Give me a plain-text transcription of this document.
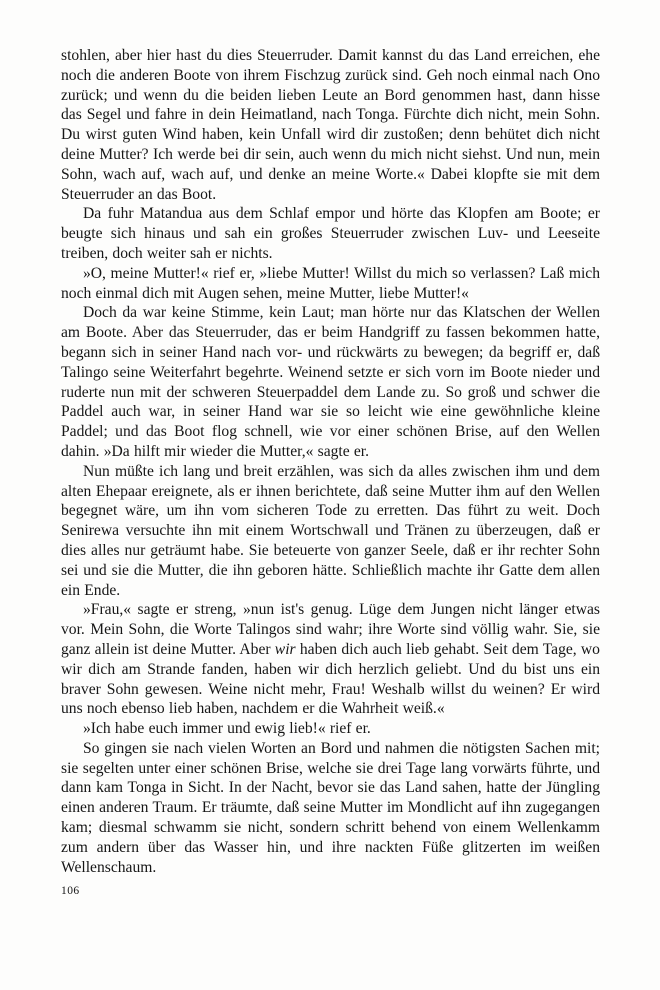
stohlen, aber hier hast du dies Steuerruder. Damit kannst du das Land erreichen, ehe noch die anderen Boote von ihrem Fischzug zurück sind. Geh noch einmal nach Ono zurück; und wenn du die beiden lieben Leute an Bord genommen hast, dann hisse das Segel und fahre in dein Heimatland, nach Tonga. Fürchte dich nicht, mein Sohn. Du wirst guten Wind haben, kein Unfall wird dir zustoßen; denn behütet dich nicht deine Mutter? Ich werde bei dir sein, auch wenn du mich nicht siehst. Und nun, mein Sohn, wach auf, wach auf, und denke an meine Worte.« Dabei klopfte sie mit dem Steuerruder an das Boot.

Da fuhr Matandua aus dem Schlaf empor und hörte das Klopfen am Boote; er beugte sich hinaus und sah ein großes Steuerruder zwischen Luv- und Leeseite treiben, doch weiter sah er nichts.

»O, meine Mutter!« rief er, »liebe Mutter! Willst du mich so verlassen? Laß mich noch einmal dich mit Augen sehen, meine Mutter, liebe Mutter!«

Doch da war keine Stimme, kein Laut; man hörte nur das Klatschen der Wellen am Boote. Aber das Steuerruder, das er beim Handgriff zu fassen bekommen hatte, begann sich in seiner Hand nach vor- und rückwärts zu bewegen; da begriff er, daß Talingo seine Weiterfahrt begehrte. Weinend setzte er sich vorn im Boote nieder und ruderte nun mit der schweren Steuerpaddel dem Lande zu. So groß und schwer die Paddel auch war, in seiner Hand war sie so leicht wie eine gewöhnliche kleine Paddel; und das Boot flog schnell, wie vor einer schönen Brise, auf den Wellen dahin. »Da hilft mir wieder die Mutter,« sagte er.

Nun müßte ich lang und breit erzählen, was sich da alles zwischen ihm und dem alten Ehepaar ereignete, als er ihnen berichtete, daß seine Mutter ihm auf den Wellen begegnet wäre, um ihn vom sicheren Tode zu erretten. Das führt zu weit. Doch Senirewa versuchte ihn mit einem Wortschwall und Tränen zu überzeugen, daß er dies alles nur geträumt habe. Sie beteuerte von ganzer Seele, daß er ihr rechter Sohn sei und sie die Mutter, die ihn geboren hätte. Schließlich machte ihr Gatte dem allen ein Ende.

»Frau,« sagte er streng, »nun ist's genug. Lüge dem Jungen nicht länger etwas vor. Mein Sohn, die Worte Talingos sind wahr; ihre Worte sind völlig wahr. Sie, sie ganz allein ist deine Mutter. Aber wir haben dich auch lieb gehabt. Seit dem Tage, wo wir dich am Strande fanden, haben wir dich herzlich geliebt. Und du bist uns ein braver Sohn gewesen. Weine nicht mehr, Frau! Weshalb willst du weinen? Er wird uns noch ebenso lieb haben, nachdem er die Wahrheit weiß.«

»Ich habe euch immer und ewig lieb!« rief er.

So gingen sie nach vielen Worten an Bord und nahmen die nötigsten Sachen mit; sie segelten unter einer schönen Brise, welche sie drei Tage lang vorwärts führte, und dann kam Tonga in Sicht. In der Nacht, bevor sie das Land sahen, hatte der Jüngling einen anderen Traum. Er träumte, daß seine Mutter im Mondlicht auf ihn zugegangen kam; diesmal schwamm sie nicht, sondern schritt behend von einem Wellenkamm zum andern über das Wasser hin, und ihre nackten Füße glitzerten im weißen Wellenschaum.

106
